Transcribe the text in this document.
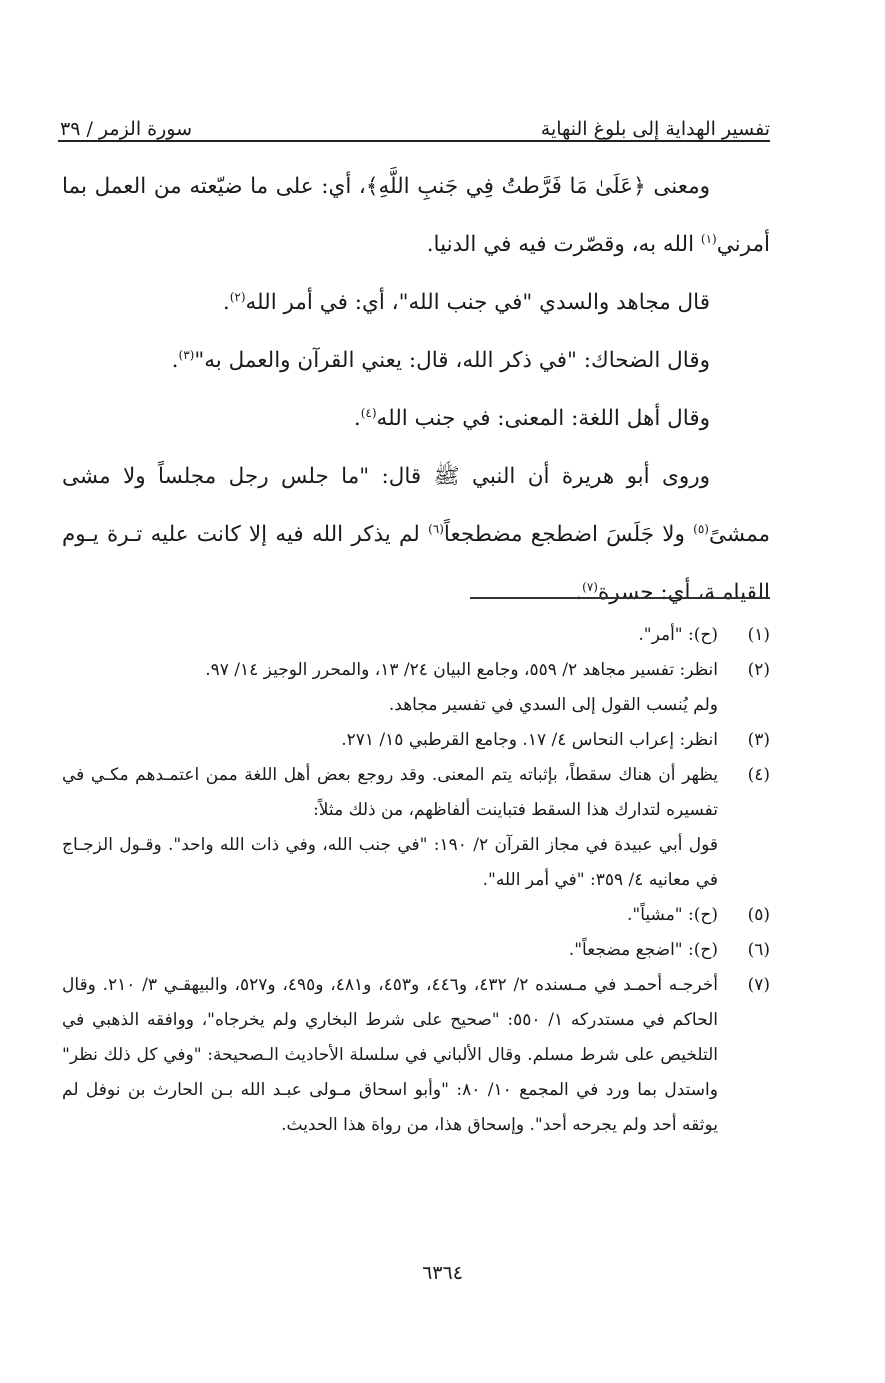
تفسير الهداية إلى بلوغ النهاية
سورة الزمر / ٣٩

ومعنى ﴿عَلَىٰ مَا فَرَّطتُ فِي جَنبِ اللَّهِ﴾، أي: على ما ضيّعته من العمل بما أمرني$^{(١)}$ الله به، وقصّرت فيه في الدنيا.

قال مجاهد والسدي "في جنب الله"، أي: في أمر الله$^{(٢)}$.

وقال الضحاك: "في ذكر الله، قال: يعني القرآن والعمل به"$^{(٣)}$.

وقال أهل اللغة: المعنى: في جنب الله$^{(٤)}$.

وروى أبو هريرة أن النبي ﷺ قال: "ما جلس رجل مجلساً ولا مشى ممشىً$^{(٥)}$ ولا جَلَسَ اضطجع مضطجعاً$^{(٦)}$ لم يذكر الله فيه إلا كانت عليه تـرة يـوم القيامـة، أي: حسرة$^{(٧)}$.

(١)
(ح): "أمر".
(٢)
انظر: تفسير مجاهد ٢/ ٥٥٩، وجامع البيان ٢٤/ ١٣، والمحرر الوجيز ١٤/ ٩٧.
ولم يُنسب القول إلى السدي في تفسير مجاهد.
(٣)
انظر: إعراب النحاس ٤/ ١٧. وجامع القرطبي ١٥/ ٢٧١.
(٤)
يظهر أن هناك سقطاً، بإثباته يتم المعنى. وقد روجع بعض أهل اللغة ممن اعتمـدهم مكـي في تفسيره لتدارك هذا السقط فتباينت ألفاظهم، من ذلك مثلاً:
قول أبي عبيدة في مجاز القرآن ٢/ ١٩٠: "في جنب الله، وفي ذات الله واحد". وقـول الزجـاج في معانيه ٤/ ٣٥٩: "في أمر الله".
(٥)
(ح): "مشياً".
(٦)
(ح): "اضجع مضجعاً".
(٧)
أخرجـه أحمـد في مـسنده ٢/ ٤٣٢، و٤٤٦، و٤٥٣، و٤٨١، و٤٩٥، و٥٢٧، والبيهقـي ٣/ ٢١٠. وقال الحاكم في مستدركه ١/ ٥٥٠: "صحيح على شرط البخاري ولم يخرجاه"، ووافقه الذهبي في التلخيص على شرط مسلم. وقال الألباني في سلسلة الأحاديث الـصحيحة: "وفي كل ذلك نظر" واستدل بما ورد في المجمع ١٠/ ٨٠: "وأبو اسحاق مـولى عبـد الله بـن الحارث بن نوفل لم يوثقه أحد ولم يجرحه أحد". وإسحاق هذا، من رواة هذا الحديث.
٦٣٦٤
